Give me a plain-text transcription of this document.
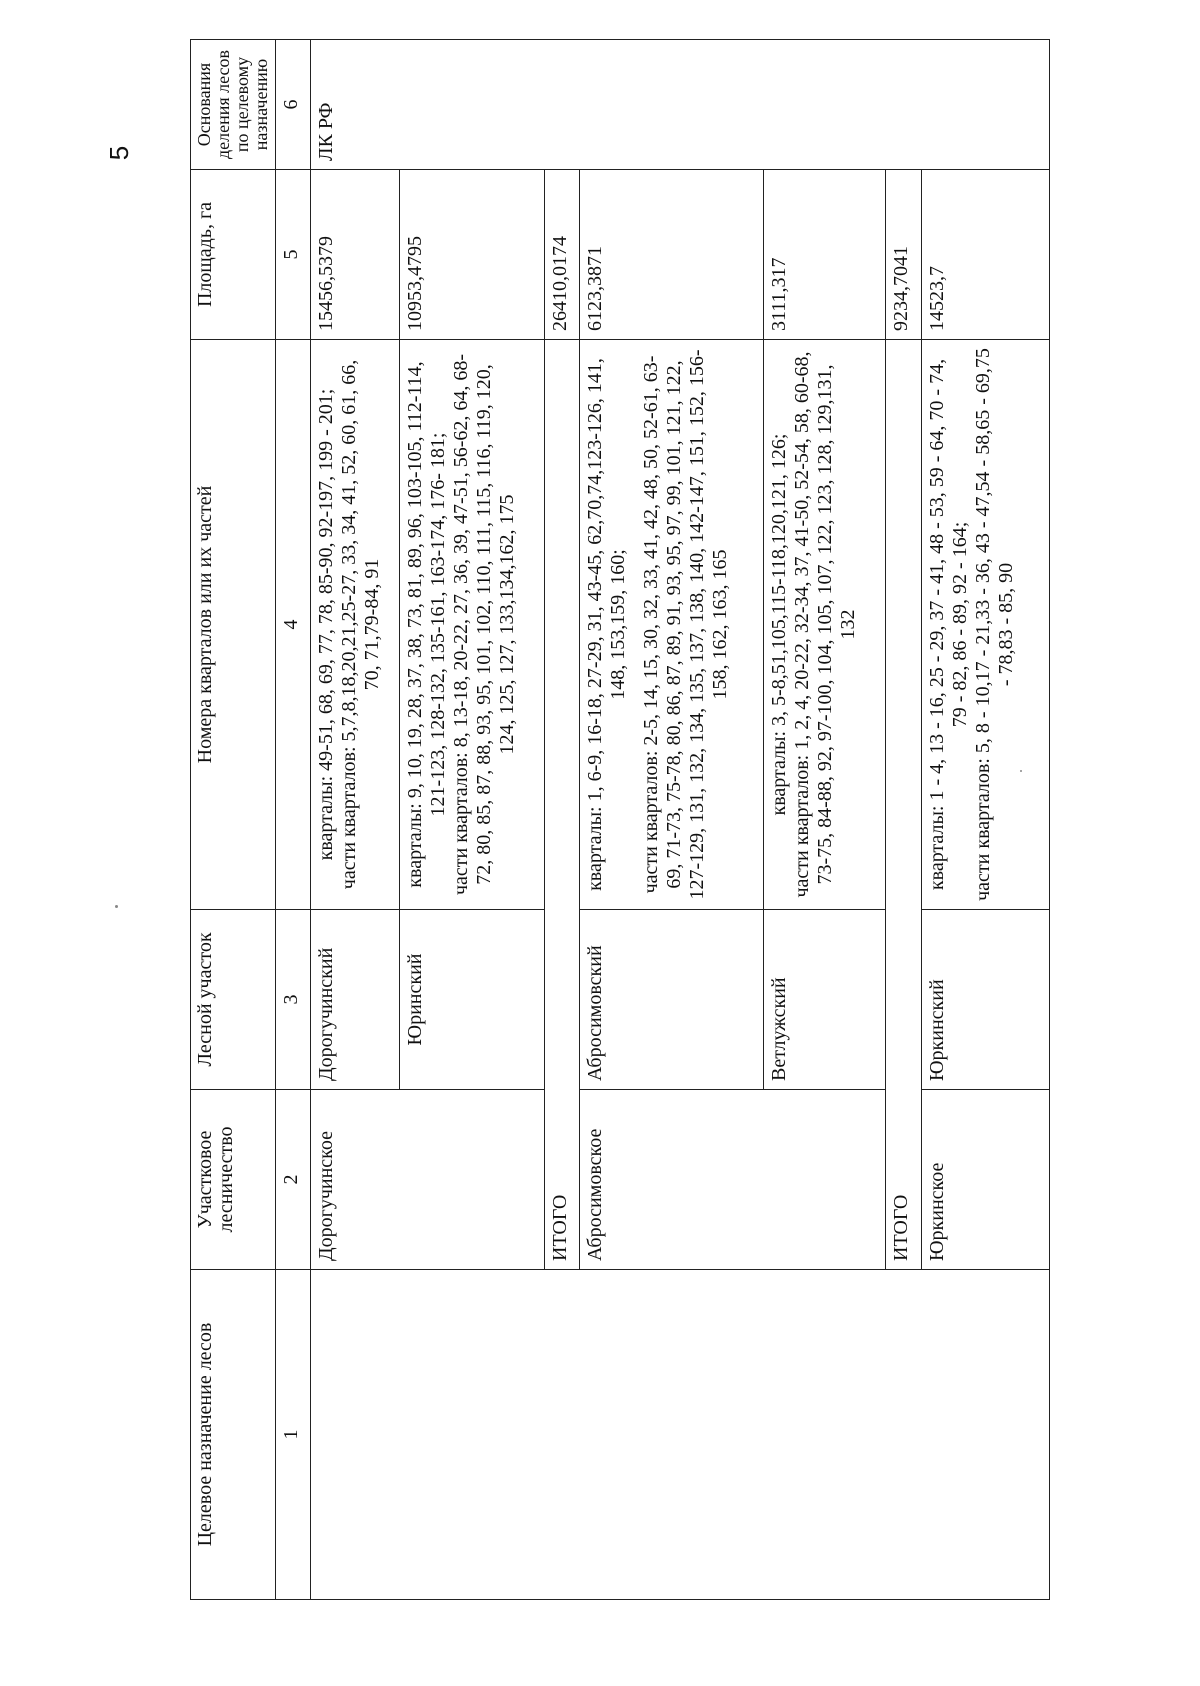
5
Целевое назначение лесов	Участковое лесничество	Лесной участок	Номера кварталов или их частей	Площадь, га	Основания деления лесов по целевому назначению
1	2	3	4	5	6
	Дорогучинское	Дорогучинский	кварталы: 49-51, 68, 69, 77, 78, 85-90, 92-197, 199 - 201; части кварталов: 5,7,8,18,20,21,25-27, 33, 34, 41, 52, 60, 61, 66, 70, 71,79-84, 91	15456,5379	ЛК РФ
		Юринский	кварталы: 9, 10, 19, 28, 37, 38, 73, 81, 89, 96, 103-105, 112-114, 121-123, 128-132, 135-161, 163-174, 176- 181; части кварталов: 8, 13-18, 20-22, 27, 36, 39, 47-51, 56-62, 64, 68-72, 80, 85, 87, 88, 93, 95, 101, 102, 110, 111, 115, 116, 119, 120, 124, 125, 127, 133,134,162, 175	10953,4795	
	ИТОГО			26410,0174	
	Абросимовское	Абросимовский	кварталы: 1, 6-9, 16-18, 27-29, 31, 43-45, 62,70,74,123-126, 141, 148, 153,159, 160; части кварталов: 2-5, 14, 15, 30, 32, 33, 41, 42, 48, 50, 52-61, 63-69, 71-73, 75-78, 80, 86, 87, 89, 91, 93, 95, 97, 99, 101, 121, 122, 127-129, 131, 132, 134, 135, 137, 138, 140, 142-147, 151, 152, 156-158, 162, 163, 165	6123,3871	
		Ветлужский	кварталы: 3, 5-8,51,105,115-118,120,121, 126; части кварталов: 1, 2, 4, 20-22, 32-34, 37, 41-50, 52-54, 58, 60-68, 73-75, 84-88, 92, 97-100, 104, 105, 107, 122, 123, 128, 129,131, 132	3111,317	
	ИТОГО			9234,7041	
	Юркинское	Юркинский	кварталы: 1 - 4, 13 - 16, 25 - 29, 37 - 41, 48 - 53, 59 - 64, 70 - 74, 79 - 82, 86 - 89, 92 - 164; части кварталов: 5, 8 - 10,17 - 21,33 - 36, 43 - 47,54 - 58,65 - 69,75 - 78,83 - 85, 90	14523,7	
